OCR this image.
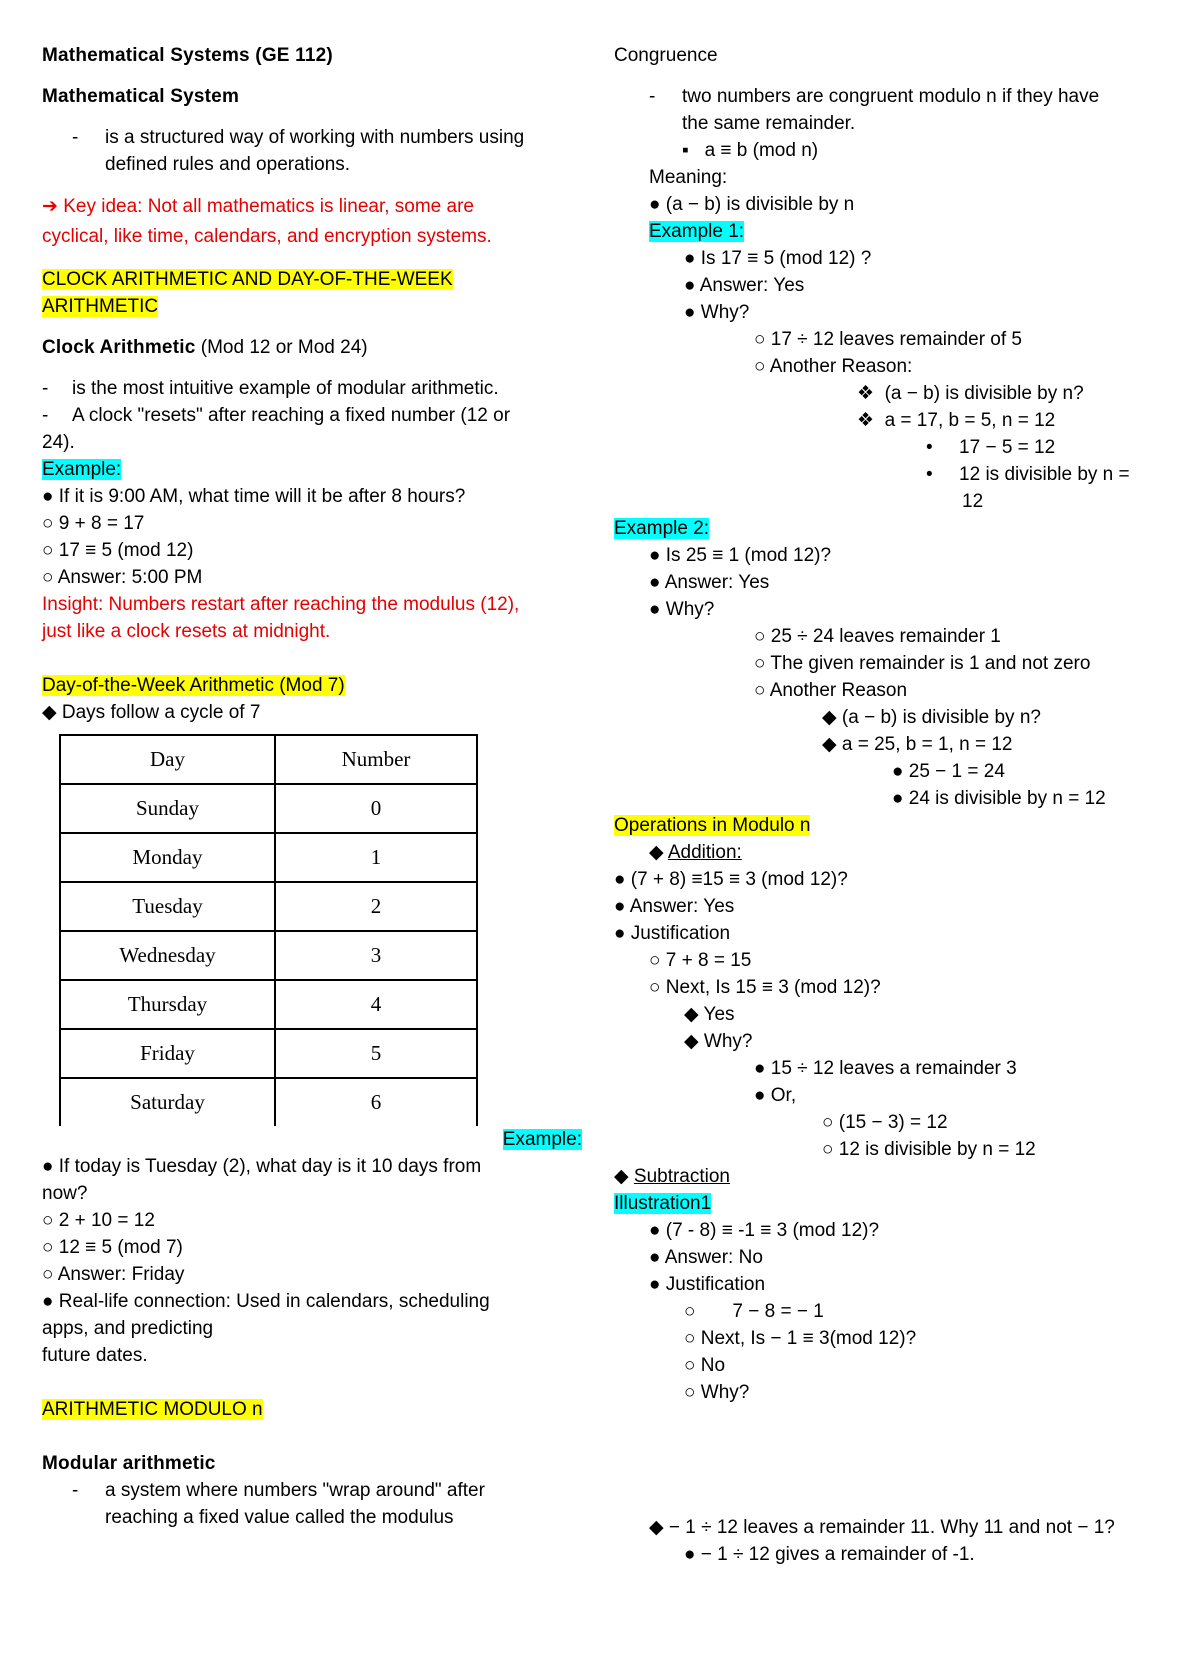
Mathematical Systems (GE 112)
Mathematical System
-	is a structured way of working with numbers using defined rules and operations.
➔ Key idea: Not all mathematics is linear, some are
cyclical, like time, calendars, and encryption systems.
CLOCK ARITHMETIC AND DAY-OF-THE-WEEK
ARITHMETIC
Clock Arithmetic (Mod 12 or Mod 24)
- is the most intuitive example of modular arithmetic.
- A clock "resets" after reaching a fixed number (12 or
24).
Example:
● If it is 9:00 AM, what time will it be after 8 hours?
○ 9 + 8 = 17
○ 17 ≡ 5 (mod 12)
○ Answer: 5:00 PM
Insight: Numbers restart after reaching the modulus (12),
just like a clock resets at midnight.

Day-of-the-Week Arithmetic (Mod 7)
◆ Days follow a cycle of 7
Day	Number
Sunday	0
Monday	1
Tuesday	2
Wednesday	3
Thursday	4
Friday	5
Saturday	6
Example:
● If today is Tuesday (2), what day is it 10 days from
now?
○ 2 + 10 = 12
○ 12 ≡ 5 (mod 7)
○ Answer: Friday
● Real-life connection: Used in calendars, scheduling
apps, and predicting
future dates.

ARITHMETIC MODULO n

Modular arithmetic
-	a system where numbers "wrap around" after
reaching a fixed value called the modulus
Congruence
-	two numbers are congruent modulo n if they have
the same remainder.
▪   a ≡ b (mod n)
Meaning:
● (a − b) is divisible by n
Example 1:
● Is 17 ≡ 5 (mod 12) ?
● Answer: Yes
● Why?
○ 17 ÷ 12 leaves remainder of 5
○ Another Reason:
❖  (a − b) is divisible by n?
❖  a = 17, b = 5, n = 12
•     17 − 5 = 12
•     12 is divisible by n =
12
Example 2:
● Is 25 ≡ 1 (mod 12)?
● Answer: Yes
● Why?
○ 25 ÷ 24 leaves remainder 1
○ The given remainder is 1 and not zero
○ Another Reason
◆ (a − b) is divisible by n?
◆ a = 25, b = 1, n = 12
● 25 − 1 = 24
● 24 is divisible by n = 12
Operations in Modulo n
◆ Addition:
● (7 + 8) ≡15 ≡ 3 (mod 12)?
● Answer: Yes
● Justification
○ 7 + 8 = 15
○ Next, Is 15 ≡ 3 (mod 12)?
◆ Yes
◆ Why?
● 15 ÷ 12 leaves a remainder 3
● Or,
○ (15 − 3) = 12
○ 12 is divisible by n = 12
◆ Subtraction
Illustration1
● (7 - 8) ≡ -1 ≡ 3 (mod 12)?
● Answer: No
● Justification
○       7 − 8 = − 1
○ Next, Is − 1 ≡ 3(mod 12)?
○ No
○ Why?
◆ − 1 ÷ 12 leaves a remainder 11. Why 11 and not − 1?
● − 1 ÷ 12 gives a remainder of -1.
